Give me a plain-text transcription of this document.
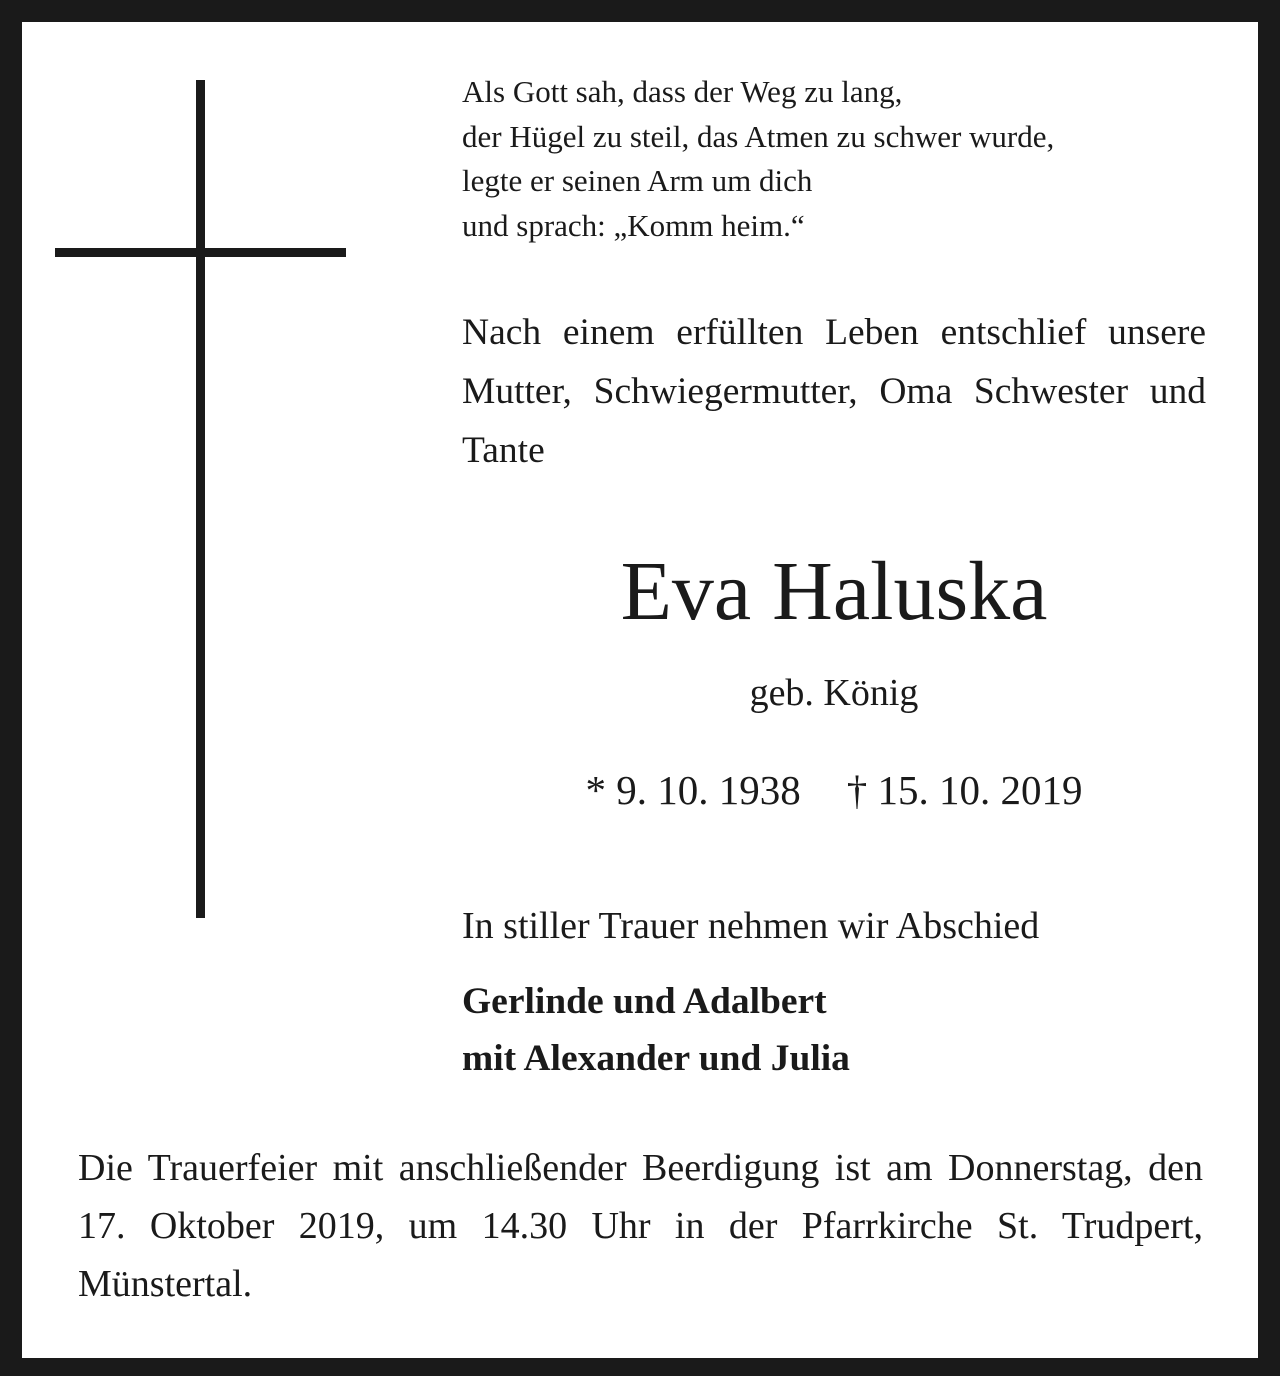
Als Gott sah, dass der Weg zu lang,
der Hügel zu steil, das Atmen zu schwer wurde,
legte er seinen Arm um dich
und sprach: „Komm heim.“
Nach einem erfüllten Leben entschlief unsere Mutter, Schwiegermutter, Oma Schwester und Tante
Eva Haluska
geb. König
* 9. 10. 1938 † 15. 10. 2019
In stiller Trauer nehmen wir Abschied
Gerlinde und Adalbert
mit Alexander und Julia
Die Trauerfeier mit anschließender Beerdigung ist am Donnerstag, den 17. Oktober 2019, um 14.30 Uhr in der Pfarrkirche St. Trudpert, Münstertal.
